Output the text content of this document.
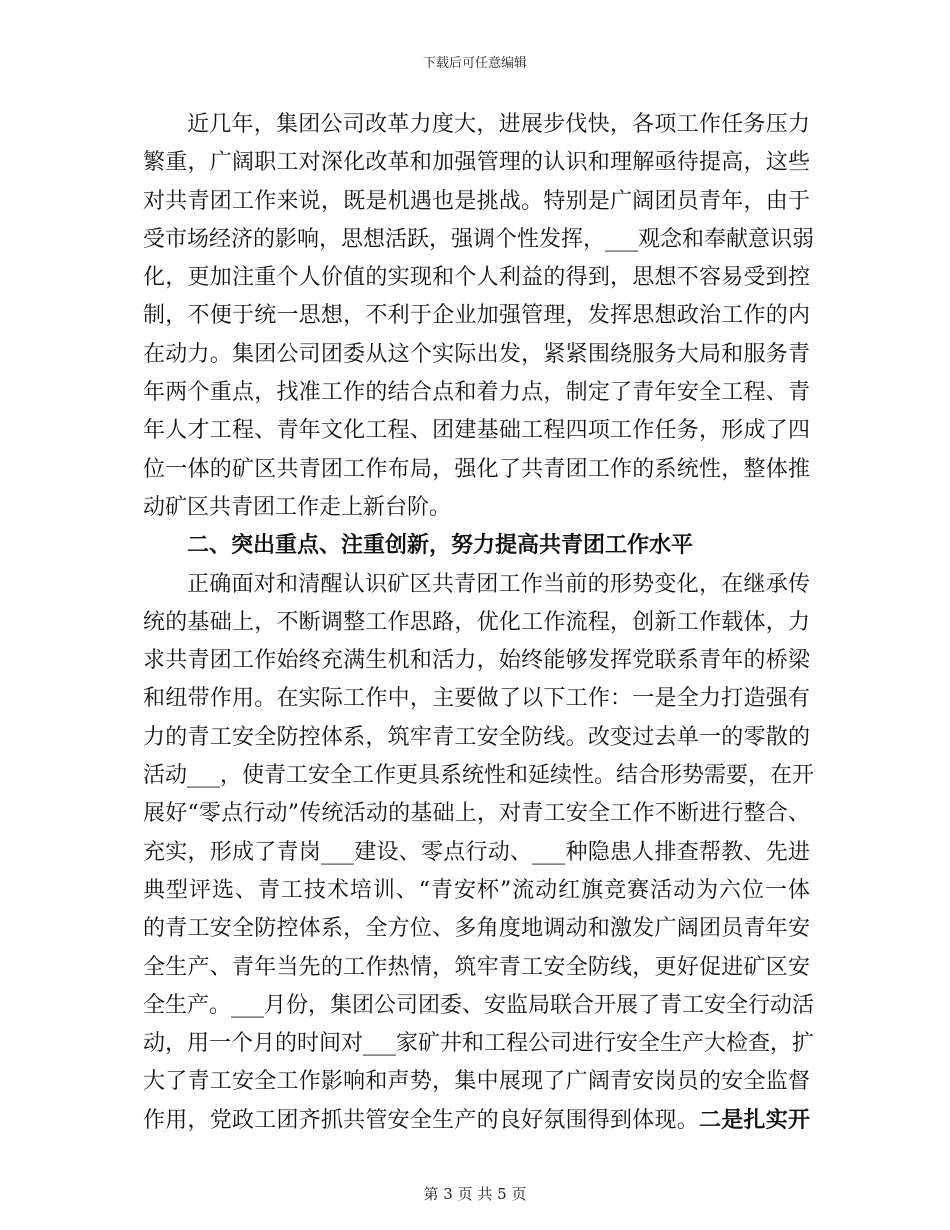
下载后可任意编辑
近几年，集团公司改革力度大，进展步伐快，各项工作任务压力
繁重，广阔职工对深化改革和加强管理的认识和理解亟待提高，这些
对共青团工作来说，既是机遇也是挑战。特别是广阔团员青年，由于
受市场经济的影响，思想活跃，强调个性发挥，___观念和奉献意识弱
化，更加注重个人价值的实现和个人利益的得到，思想不容易受到控
制，不便于统一思想，不利于企业加强管理，发挥思想政治工作的内
在动力。集团公司团委从这个实际出发，紧紧围绕服务大局和服务青
年两个重点，找准工作的结合点和着力点，制定了青年安全工程、青
年人才工程、青年文化工程、团建基础工程四项工作任务，形成了四
位一体的矿区共青团工作布局，强化了共青团工作的系统性，整体推
动矿区共青团工作走上新台阶。
二、突出重点、注重创新，努力提高共青团工作水平
正确面对和清醒认识矿区共青团工作当前的形势变化，在继承传
统的基础上，不断调整工作思路，优化工作流程，创新工作载体，力
求共青团工作始终充满生机和活力，始终能够发挥党联系青年的桥梁
和纽带作用。在实际工作中，主要做了以下工作：一是全力打造强有
力的青工安全防控体系，筑牢青工安全防线。改变过去单一的零散的
活动___，使青工安全工作更具系统性和延续性。结合形势需要，在开
展好“零点行动”传统活动的基础上，对青工安全工作不断进行整合、
充实，形成了青岗___建设、零点行动、___种隐患人排查帮教、先进
典型评选、青工技术培训、“青安杯”流动红旗竞赛活动为六位一体
的青工安全防控体系，全方位、多角度地调动和激发广阔团员青年安
全生产、青年当先的工作热情，筑牢青工安全防线，更好促进矿区安
全生产。___月份，集团公司团委、安监局联合开展了青工安全行动活
动，用一个月的时间对___家矿井和工程公司进行安全生产大检查，扩
大了青工安全工作影响和声势，集中展现了广阔青安岗员的安全监督
作用，党政工团齐抓共管安全生产的良好氛围得到体现。二是扎实开
第 3 页 共 5 页
